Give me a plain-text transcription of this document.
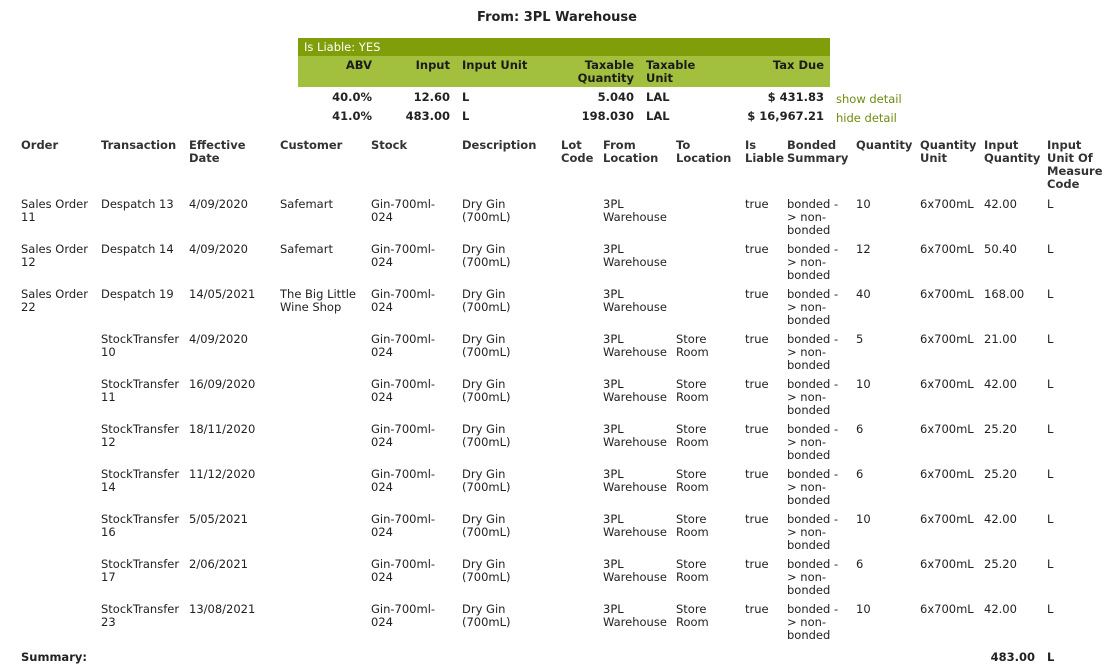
From: 3PL Warehouse
Is Liable: YES					
ABV	Input	Input Unit	Taxable Quantity	Taxable Unit	Tax Due
40.0%	12.60	L	5.040	LAL	$ 431.83
41.0%	483.00	L	198.030	LAL	$ 16,967.21
show detail
hide detail
Order	Transaction	Effective Date	Customer	Stock	Description	Lot Code	From Location	To Location	Is Liable	Bonded Summary	Quantity	Quantity Unit	Input Quantity	Input Unit Of Measure Code
Sales Order 11	Despatch 13	4/09/2020	Safemart	Gin-700ml-024	Dry Gin (700mL)		3PL Warehouse		true	bonded -> non-bonded	10	6x700mL	42.00	L
Sales Order 12	Despatch 14	4/09/2020	Safemart	Gin-700ml-024	Dry Gin (700mL)		3PL Warehouse		true	bonded -> non-bonded	12	6x700mL	50.40	L
Sales Order 22	Despatch 19	14/05/2021	The Big Little Wine Shop	Gin-700ml-024	Dry Gin (700mL)		3PL Warehouse		true	bonded -> non-bonded	40	6x700mL	168.00	L
	StockTransfer 10	4/09/2020		Gin-700ml-024	Dry Gin (700mL)		3PL Warehouse	Store Room	true	bonded -> non-bonded	5	6x700mL	21.00	L
	StockTransfer 11	16/09/2020		Gin-700ml-024	Dry Gin (700mL)		3PL Warehouse	Store Room	true	bonded -> non-bonded	10	6x700mL	42.00	L
	StockTransfer 12	18/11/2020		Gin-700ml-024	Dry Gin (700mL)		3PL Warehouse	Store Room	true	bonded -> non-bonded	6	6x700mL	25.20	L
	StockTransfer 14	11/12/2020		Gin-700ml-024	Dry Gin (700mL)		3PL Warehouse	Store Room	true	bonded -> non-bonded	6	6x700mL	25.20	L
	StockTransfer 16	5/05/2021		Gin-700ml-024	Dry Gin (700mL)		3PL Warehouse	Store Room	true	bonded -> non-bonded	10	6x700mL	42.00	L
	StockTransfer 17	2/06/2021		Gin-700ml-024	Dry Gin (700mL)		3PL Warehouse	Store Room	true	bonded -> non-bonded	6	6x700mL	25.20	L
	StockTransfer 23	13/08/2021		Gin-700ml-024	Dry Gin (700mL)		3PL Warehouse	Store Room	true	bonded -> non-bonded	10	6x700mL	42.00	L
Summary:													483.00	L
